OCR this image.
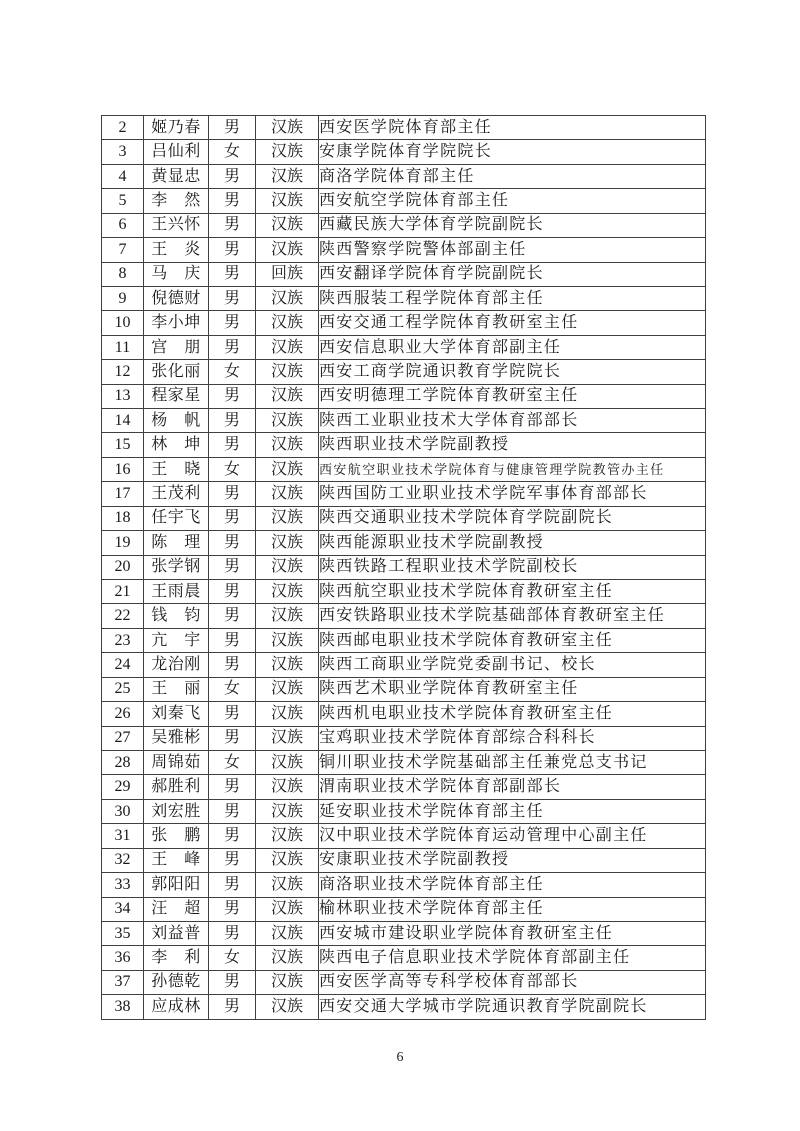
2	姬乃春	男	汉族	西安医学院体育部主任
3	吕仙利	女	汉族	安康学院体育学院院长
4	黄显忠	男	汉族	商洛学院体育部主任
5	李　然	男	汉族	西安航空学院体育部主任
6	王兴怀	男	汉族	西藏民族大学体育学院副院长
7	王　炎	男	汉族	陕西警察学院警体部副主任
8	马　庆	男	回族	西安翻译学院体育学院副院长
9	倪德财	男	汉族	陕西服装工程学院体育部主任
10	李小坤	男	汉族	西安交通工程学院体育教研室主任
11	宫　朋	男	汉族	西安信息职业大学体育部副主任
12	张化丽	女	汉族	西安工商学院通识教育学院院长
13	程家星	男	汉族	西安明德理工学院体育教研室主任
14	杨　帆	男	汉族	陕西工业职业技术大学体育部部长
15	林　坤	男	汉族	陕西职业技术学院副教授
16	王　晓	女	汉族	西安航空职业技术学院体育与健康管理学院教管办主任
17	王茂利	男	汉族	陕西国防工业职业技术学院军事体育部部长
18	任宇飞	男	汉族	陕西交通职业技术学院体育学院副院长
19	陈　理	男	汉族	陕西能源职业技术学院副教授
20	张学钢	男	汉族	陕西铁路工程职业技术学院副校长
21	王雨晨	男	汉族	陕西航空职业技术学院体育教研室主任
22	钱　钧	男	汉族	西安铁路职业技术学院基础部体育教研室主任
23	亢　宇	男	汉族	陕西邮电职业技术学院体育教研室主任
24	龙治刚	男	汉族	陕西工商职业学院党委副书记、校长
25	王　丽	女	汉族	陕西艺术职业学院体育教研室主任
26	刘秦飞	男	汉族	陕西机电职业技术学院体育教研室主任
27	吴雅彬	男	汉族	宝鸡职业技术学院体育部综合科科长
28	周锦茹	女	汉族	铜川职业技术学院基础部主任兼党总支书记
29	郝胜利	男	汉族	渭南职业技术学院体育部副部长
30	刘宏胜	男	汉族	延安职业技术学院体育部主任
31	张　鹏	男	汉族	汉中职业技术学院体育运动管理中心副主任
32	王　峰	男	汉族	安康职业技术学院副教授
33	郭阳阳	男	汉族	商洛职业技术学院体育部主任
34	汪　超	男	汉族	榆林职业技术学院体育部主任
35	刘益普	男	汉族	西安城市建设职业学院体育教研室主任
36	李　利	女	汉族	陕西电子信息职业技术学院体育部副主任
37	孙德乾	男	汉族	西安医学高等专科学校体育部部长
38	应成林	男	汉族	西安交通大学城市学院通识教育学院副院长
6
